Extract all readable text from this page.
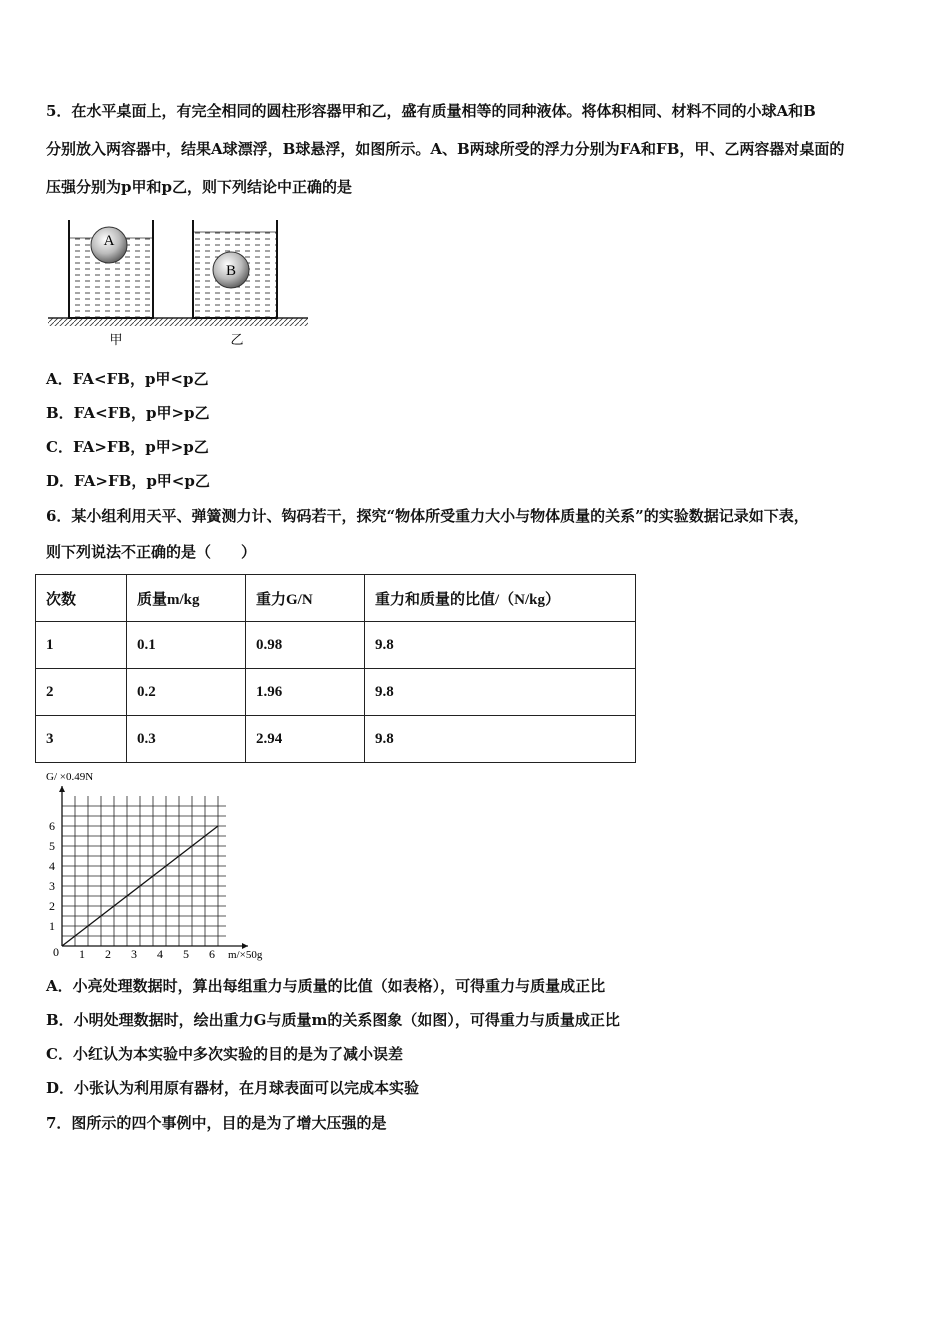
5．在水平桌面上，有完全相同的圆柱形容器甲和乙，盛有质量相等的同种液体。将体积相同、材料不同的小球A和B
分别放入两容器中，结果A球漂浮，B球悬浮，如图所示。A、B两球所受的浮力分别为FA和FB，甲、乙两容器对桌面的
压强分别为p甲和p乙，则下列结论中正确的是
A
B
甲	乙
A．FA<FB，p甲<p乙
B．FA<FB，p甲>p乙
C．FA>FB，p甲>p乙
D．FA>FB，p甲<p乙
6．某小组利用天平、弹簧测力计、钩码若干，探究“物体所受重力大小与物体质量的关系”的实验数据记录如下表，
则下列说法不正确的是（　　）
次数	质量m/kg	重力G/N	重力和质量的比值/（N/kg）
1	0.1	0.98	9.8
2	0.2	1.96	9.8
3	0.3	2.94	9.8
1 2 3 4 5 6
1
2
3
4
5
6
0
G/ ×0.49N
m/×50g
A．小亮处理数据时，算出每组重力与质量的比值（如表格），可得重力与质量成正比
B．小明处理数据时，绘出重力G与质量m的关系图象（如图），可得重力与质量成正比
C．小红认为本实验中多次实验的目的是为了减小误差
D．小张认为利用原有器材，在月球表面可以完成本实验
7．图所示的四个事例中，目的是为了增大压强的是
